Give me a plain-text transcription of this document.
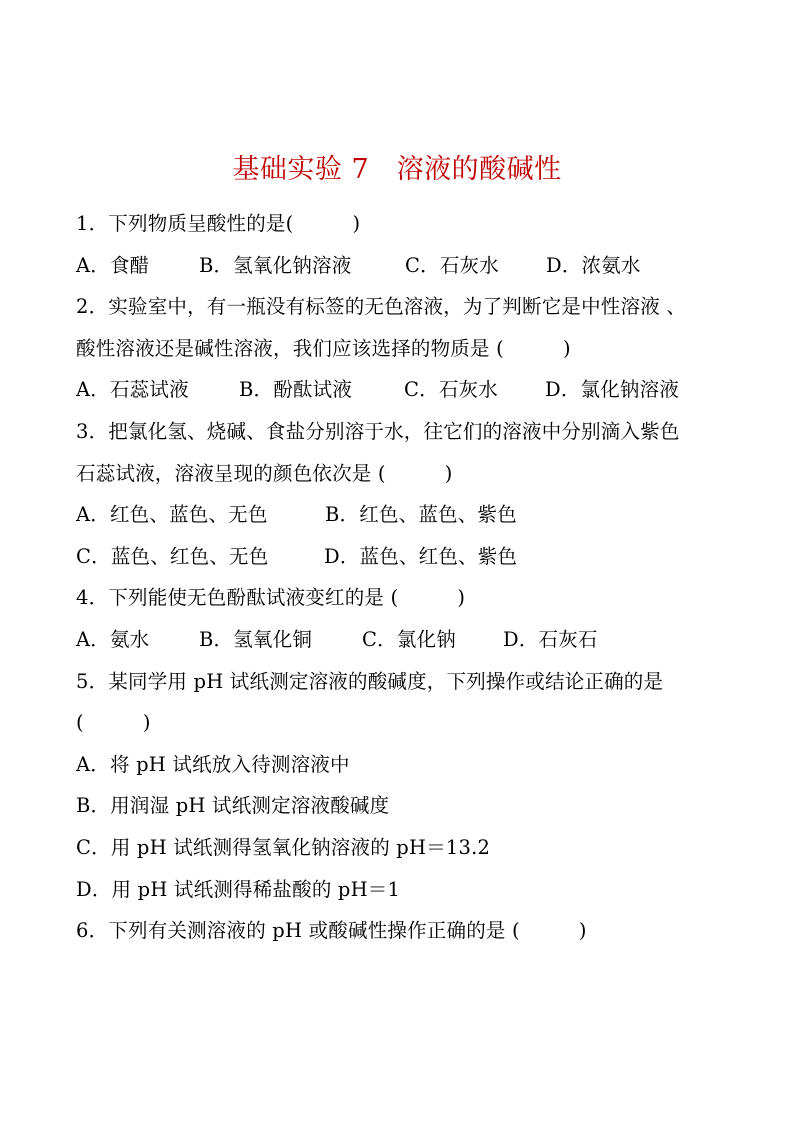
基础实验 7　溶液的酸碱性
1．下列物质呈酸性的是(　　　)
A．食醋	B．氢氧化钠溶液	C．石灰水	D．浓氨水
2．实验室中，有一瓶没有标签的无色溶液，为了判断它是中性溶液 、
酸性溶液还是碱性溶液，我们应该选择的物质是 (　　　)
A．石蕊试液	B．酚酞试液	C．石灰水	D．氯化钠溶液
3．把氯化氢、烧碱、食盐分别溶于水，往它们的溶液中分别滴入紫色
石蕊试液，溶液呈现的颜色依次是 (　　　)
A．红色、蓝色、无色	B．红色、蓝色、紫色
C．蓝色、红色、无色	D．蓝色、红色、紫色
4．下列能使无色酚酞试液变红的是 (　　　)
A．氨水	B．氢氧化铜	C．氯化钠	D．石灰石
5．某同学用 pH 试纸测定溶液的酸碱度，下列操作或结论正确的是
(　　　)
A．将 pH 试纸放入待测溶液中
B．用润湿 pH 试纸测定溶液酸碱度
C．用 pH 试纸测得氢氧化钠溶液的 pH＝13.2
D．用 pH 试纸测得稀盐酸的 pH＝1
6．下列有关测溶液的 pH 或酸碱性操作正确的是 (　　　)
